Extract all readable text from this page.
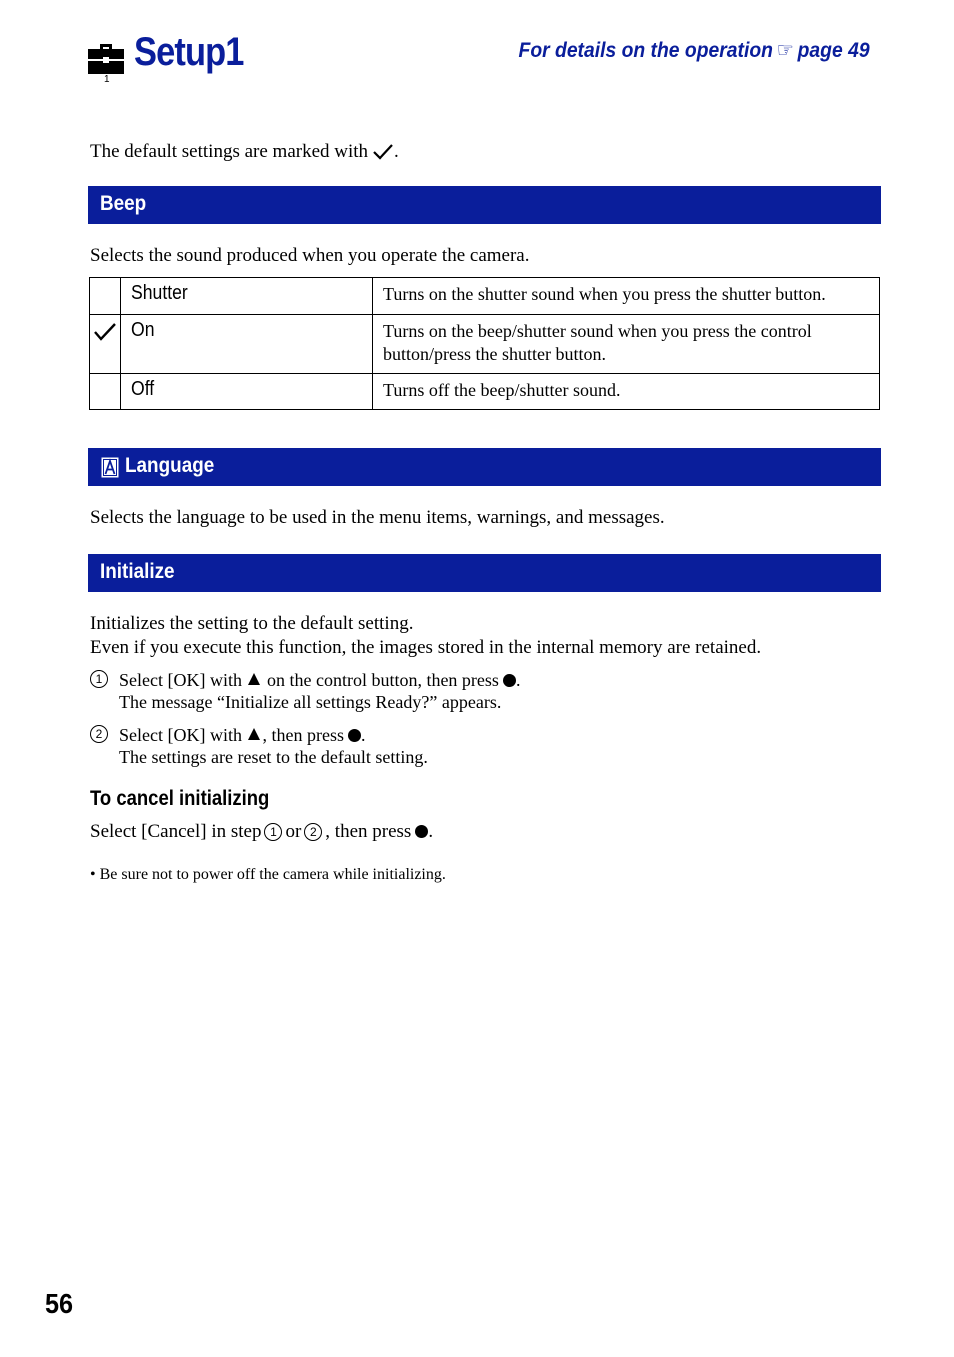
1
Setup1	For details on the operation ☞ page 49
The default settings are marked with .
Beep
Selects the sound produced when you operate the camera.
	Shutter	Turns on the shutter sound when you press the shutter button.
	On	Turns on the beep/shutter sound when you press the control button/press the shutter button.
	Off	Turns off the beep/shutter sound.
Language
Selects the language to be used in the menu items, warnings, and messages.
Initialize
Initializes the setting to the default setting.
Even if you execute this function, the images stored in the internal memory are retained.
1 Select [OK] with on the control button, then press .
The message “Initialize all settings Ready?” appears.
2 Select [OK] with , then press .
The settings are reset to the default setting.
To cancel initializing
Select [Cancel] in step 1 or 2 , then press .
• Be sure not to power off the camera while initializing.
56
